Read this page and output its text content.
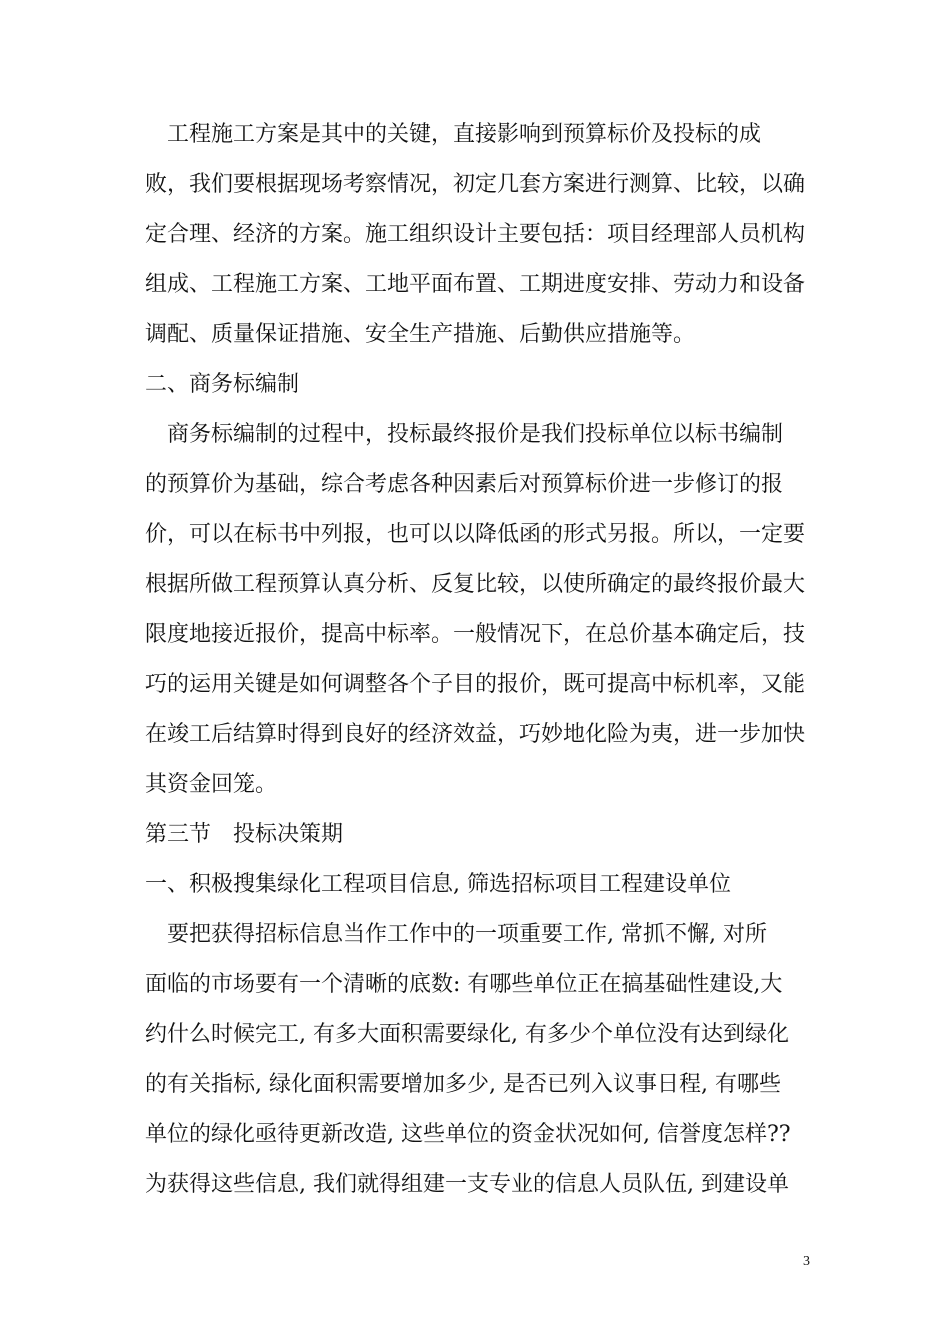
　工程施工方案是其中的关键，直接影响到预算标价及投标的成
败，我们要根据现场考察情况，初定几套方案进行测算、比较，以确
定合理、经济的方案。施工组织设计主要包括：项目经理部人员机构
组成、工程施工方案、工地平面布置、工期进度安排、劳动力和设备
调配、质量保证措施、安全生产措施、后勤供应措施等。
二、商务标编制
　商务标编制的过程中，投标最终报价是我们投标单位以标书编制
的预算价为基础，综合考虑各种因素后对预算标价进一步修订的报
价，可以在标书中列报，也可以以降低函的形式另报。所以，一定要
根据所做工程预算认真分析、反复比较，以使所确定的最终报价最大
限度地接近报价，提高中标率。一般情况下，在总价基本确定后，技
巧的运用关键是如何调整各个子目的报价，既可提高中标机率，又能
在竣工后结算时得到良好的经济效益，巧妙地化险为夷，进一步加快
其资金回笼。
第三节　投标决策期
一、积极搜集绿化工程项目信息, 筛选招标项目工程建设单位
　要把获得招标信息当作工作中的一项重要工作, 常抓不懈, 对所
面临的市场要有一个清晰的底数: 有哪些单位正在搞基础性建设,大
约什么时候完工, 有多大面积需要绿化, 有多少个单位没有达到绿化
的有关指标, 绿化面积需要增加多少, 是否已列入议事日程, 有哪些
单位的绿化亟待更新改造, 这些单位的资金状况如何, 信誉度怎样??
为获得这些信息, 我们就得组建一支专业的信息人员队伍, 到建设单
3
